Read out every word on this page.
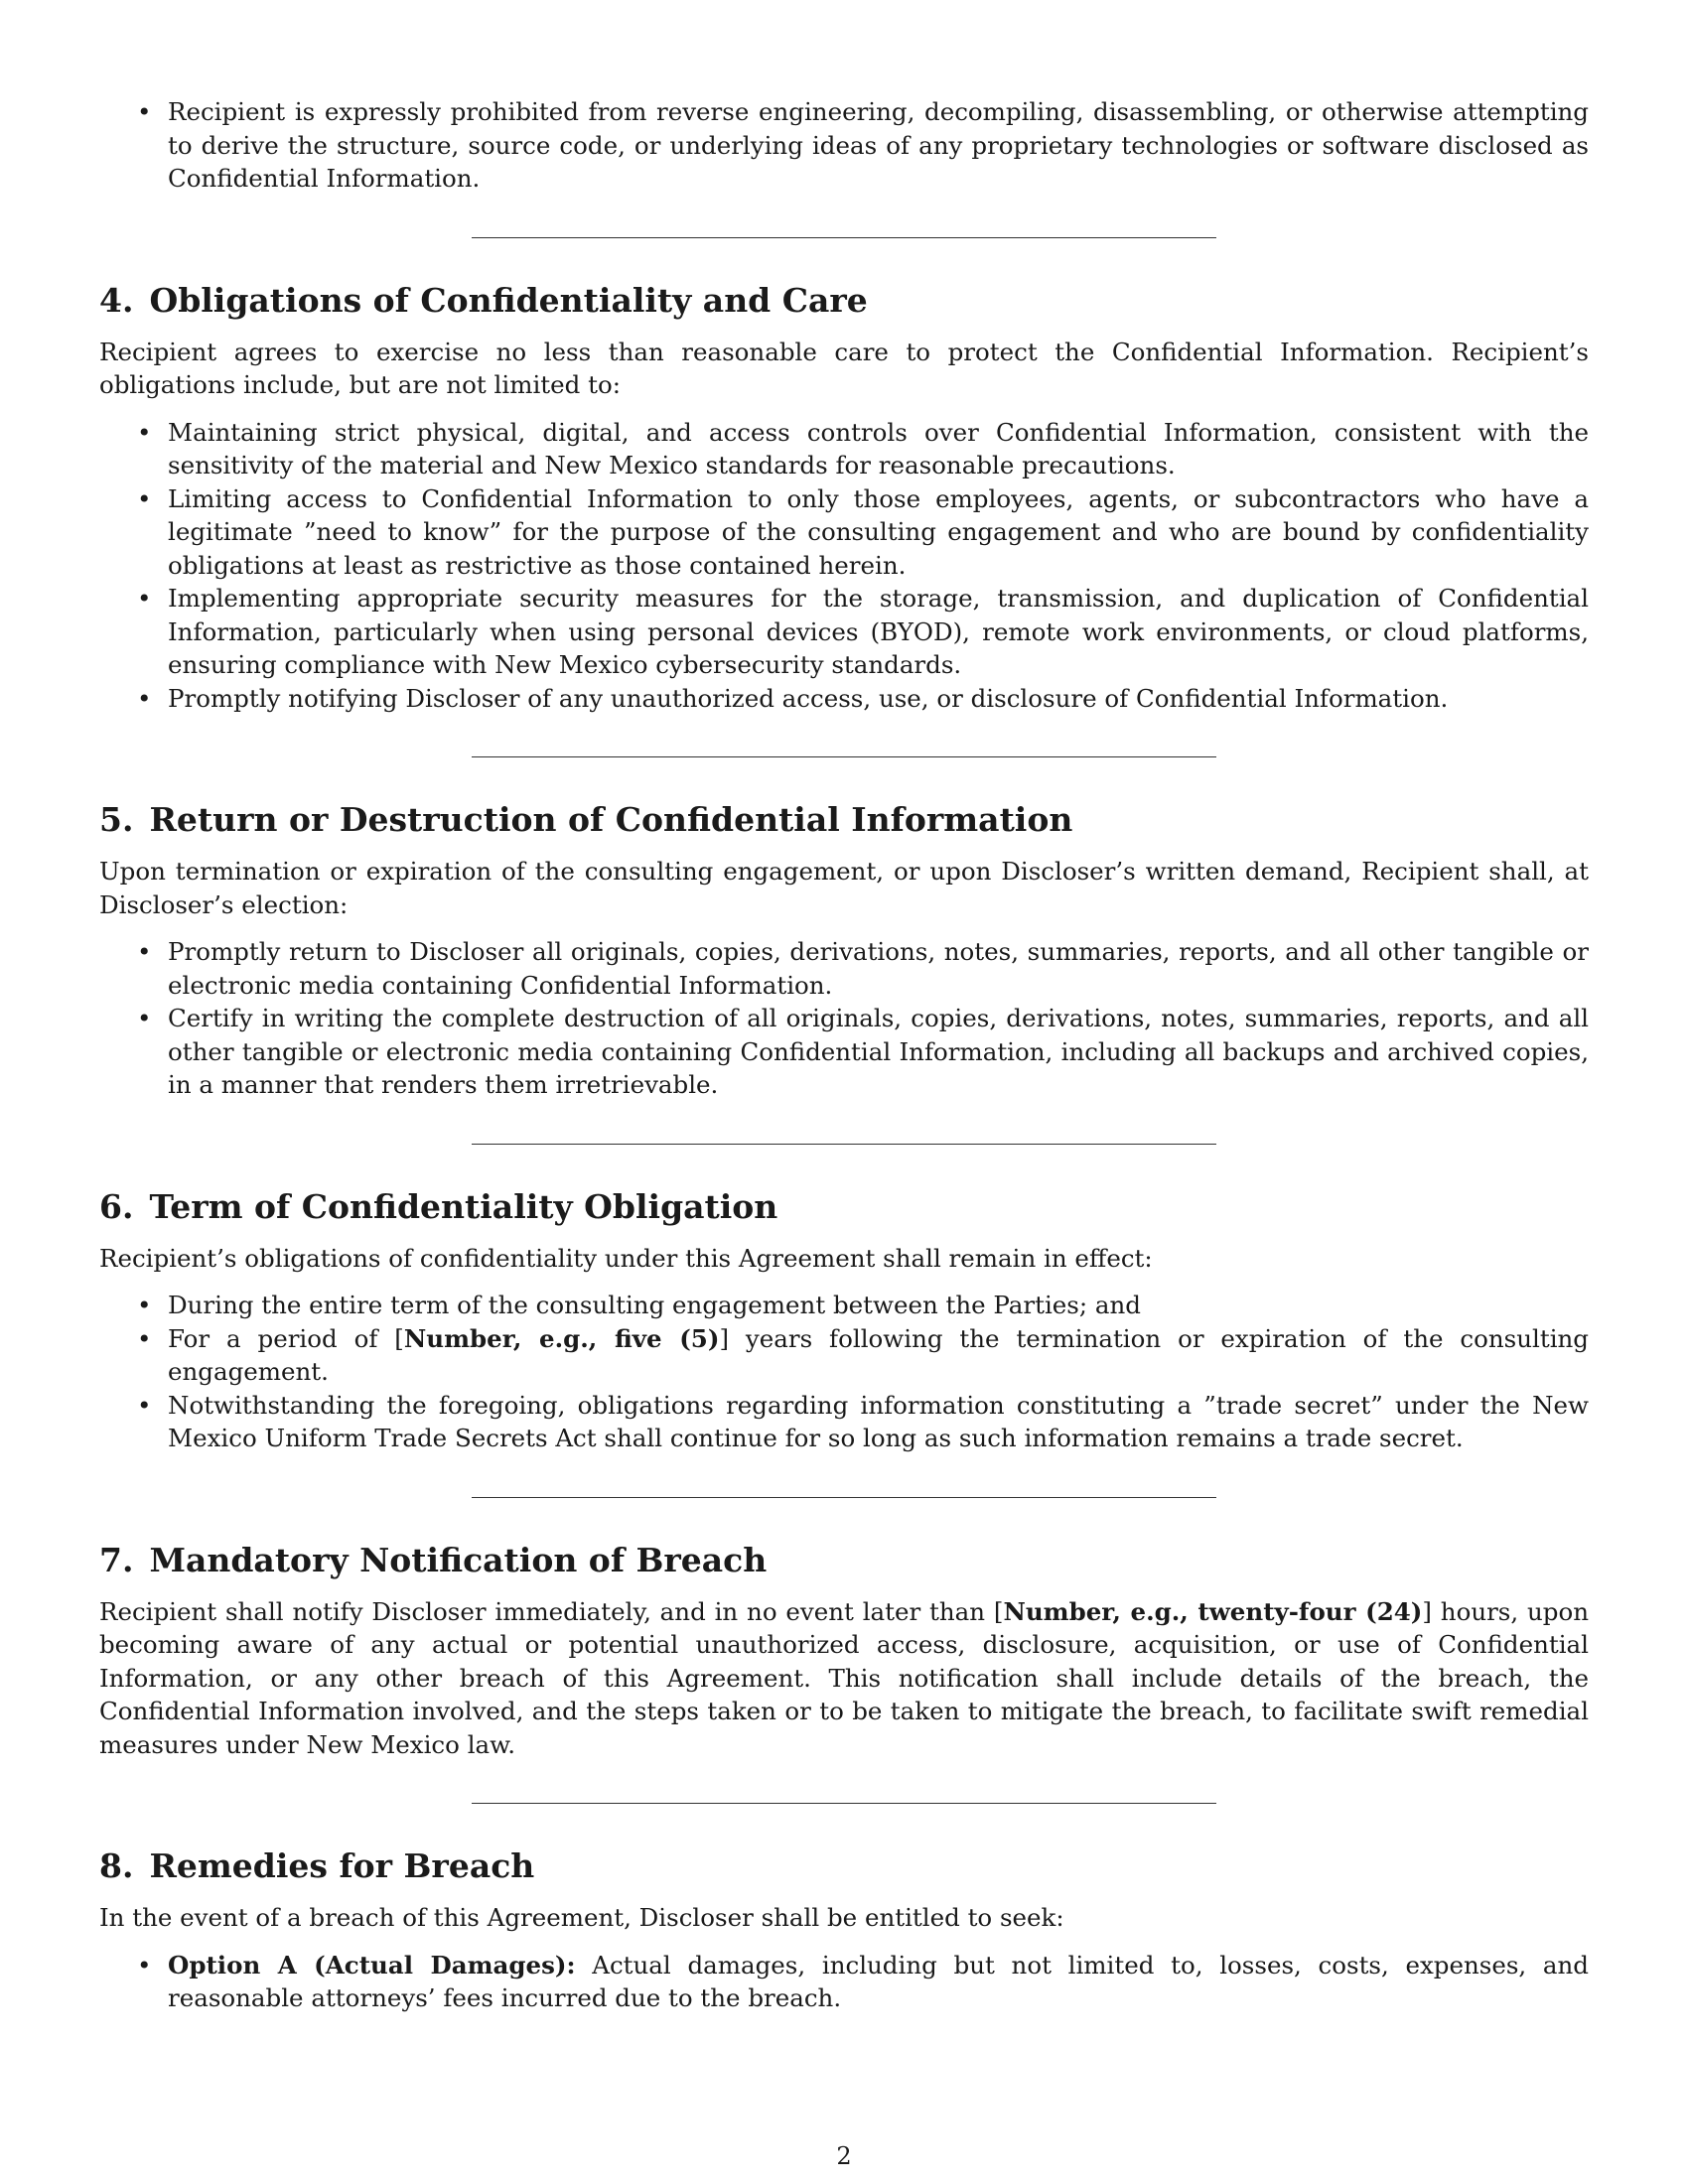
• Recipient is expressly prohibited from reverse engineering, decompiling, disassembling, or otherwise attempting to derive the structure, source code, or underlying ideas of any proprietary technologies or software disclosed as Confidential Information.
4. Obligations of Confidentiality and Care

Recipient agrees to exercise no less than reasonable care to protect the Confidential Information. Recipient’s obligations include, but are not limited to:

• Maintaining strict physical, digital, and access controls over Confidential Information, consistent with the sensitivity of the material and New Mexico standards for reasonable precautions.
• Limiting access to Confidential Information to only those employees, agents, or subcontractors who have a legitimate ”need to know” for the purpose of the consulting engagement and who are bound by confidentiality obligations at least as restrictive as those contained herein.
• Implementing appropriate security measures for the storage, transmission, and duplication of Confidential Information, particularly when using personal devices (BYOD), remote work environments, or cloud platforms, ensuring compliance with New Mexico cybersecurity standards.
• Promptly notifying Discloser of any unauthorized access, use, or disclosure of Confidential Information.
5. Return or Destruction of Confidential Information

Upon termination or expiration of the consulting engagement, or upon Discloser’s written demand, Recipient shall, at Discloser’s election:

• Promptly return to Discloser all originals, copies, derivations, notes, summaries, reports, and all other tangible or electronic media containing Confidential Information.
• Certify in writing the complete destruction of all originals, copies, derivations, notes, summaries, reports, and all other tangible or electronic media containing Confidential Information, including all backups and archived copies, in a manner that renders them irretrievable.
6. Term of Confidentiality Obligation

Recipient’s obligations of confidentiality under this Agreement shall remain in effect:

• During the entire term of the consulting engagement between the Parties; and
• For a period of [Number, e.g., five (5)] years following the termination or expiration of the consulting engagement.
• Notwithstanding the foregoing, obligations regarding information constituting a ”trade secret” under the New Mexico Uniform Trade Secrets Act shall continue for so long as such information remains a trade secret.
7. Mandatory Notification of Breach

Recipient shall notify Discloser immediately, and in no event later than [Number, e.g., twenty-four (24)] hours, upon becoming aware of any actual or potential unauthorized access, disclosure, acquisition, or use of Confidential Information, or any other breach of this Agreement. This notification shall include details of the breach, the Confidential Information involved, and the steps taken or to be taken to mitigate the breach, to facilitate swift remedial measures under New Mexico law.

8. Remedies for Breach

In the event of a breach of this Agreement, Discloser shall be entitled to seek:

• Option A (Actual Damages): Actual damages, including but not limited to, losses, costs, expenses, and reasonable attorneys’ fees incurred due to the breach.
2
